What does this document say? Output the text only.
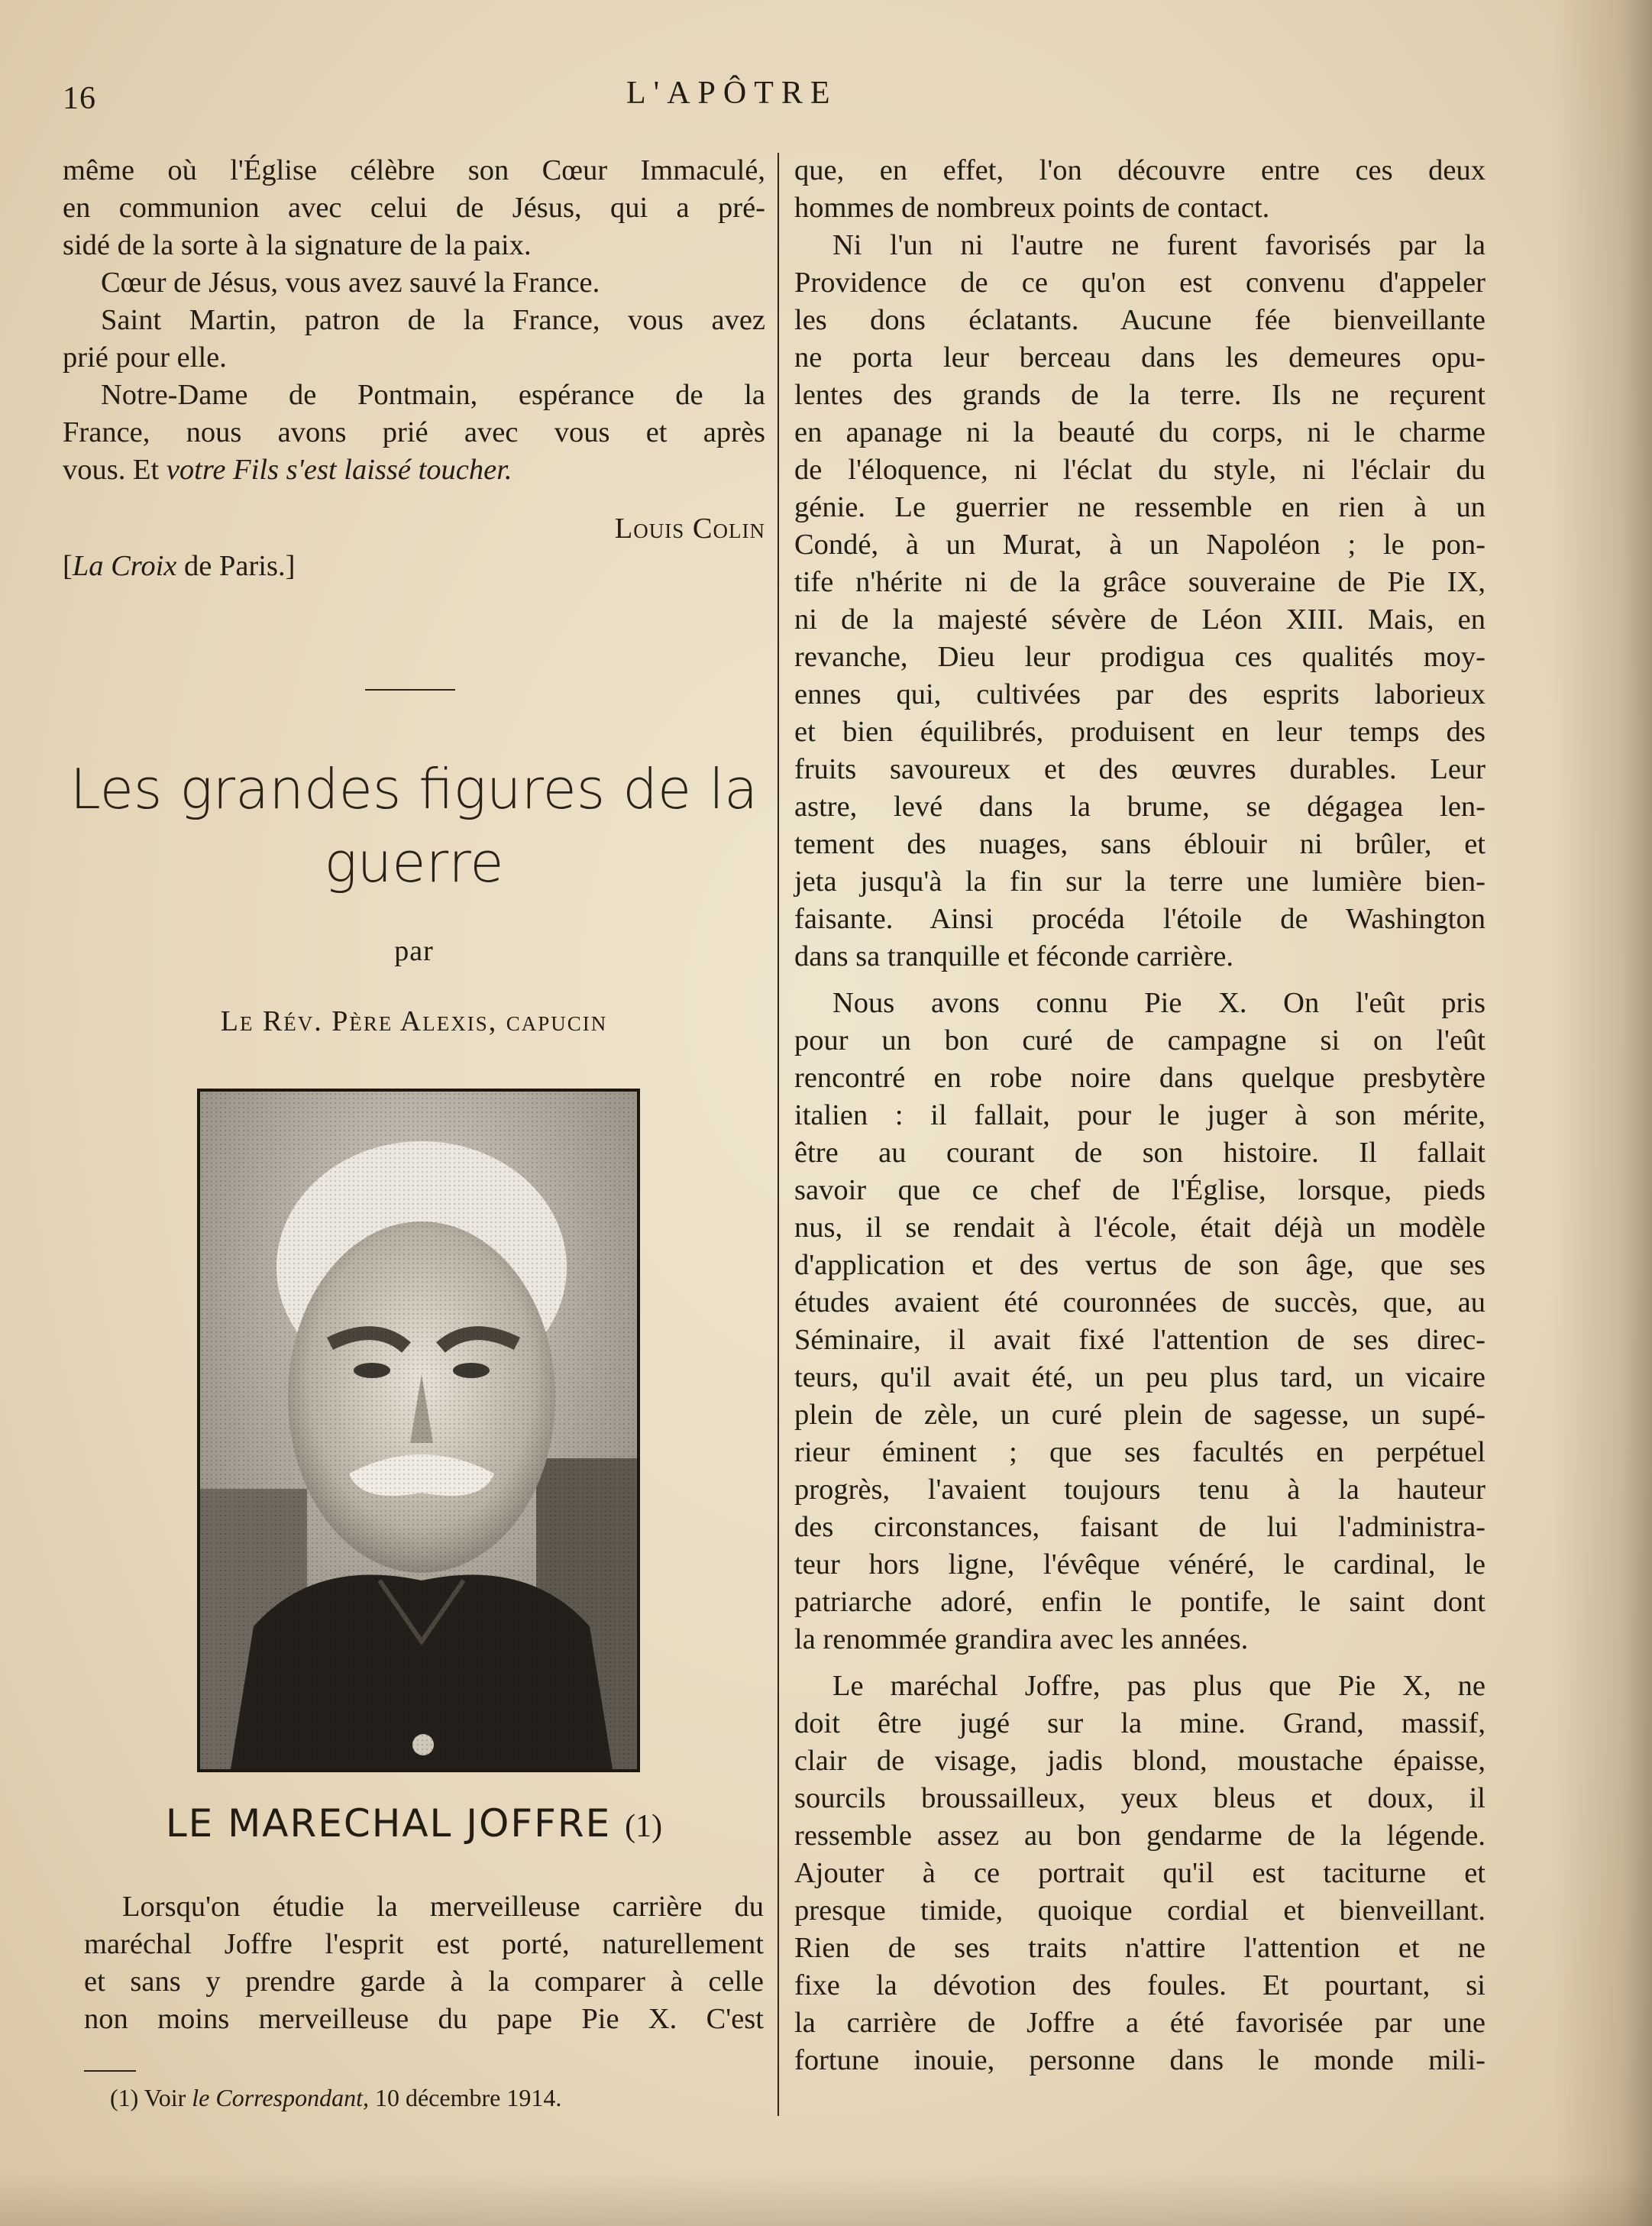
16	L'APÔTRE
même où l'Église célèbre son Cœur Immaculé,
en communion avec celui de Jésus, qui a pré-
sidé de la sorte à la signature de la paix.
Cœur de Jésus, vous avez sauvé la France.
Saint Martin, patron de la France, vous avez
prié pour elle.
Notre-Dame de Pontmain, espérance de la
France, nous avons prié avec vous et après
vous. Et votre Fils s'est laissé toucher.
Louis Colin
[La Croix de Paris.]
Les grandes figures de la
guerre
par
Le Rév. Père Alexis, capucin
LE MARECHAL JOFFRE (1)
Lorsqu'on étudie la merveilleuse carrière du
maréchal Joffre l'esprit est porté, naturellement
et sans y prendre garde à la comparer à celle
non moins merveilleuse du pape Pie X. C'est
(1) Voir le Correspondant, 10 décembre 1914.
que, en effet, l'on découvre entre ces deux
hommes de nombreux points de contact.
Ni l'un ni l'autre ne furent favorisés par la
Providence de ce qu'on est convenu d'appeler
les dons éclatants. Aucune fée bienveillante
ne porta leur berceau dans les demeures opu-
lentes des grands de la terre. Ils ne reçurent
en apanage ni la beauté du corps, ni le charme
de l'éloquence, ni l'éclat du style, ni l'éclair du
génie. Le guerrier ne ressemble en rien à un
Condé, à un Murat, à un Napoléon ; le pon-
tife n'hérite ni de la grâce souveraine de Pie IX,
ni de la majesté sévère de Léon XIII. Mais, en
revanche, Dieu leur prodigua ces qualités moy-
ennes qui, cultivées par des esprits laborieux
et bien équilibrés, produisent en leur temps des
fruits savoureux et des œuvres durables. Leur
astre, levé dans la brume, se dégagea len-
tement des nuages, sans éblouir ni brûler, et
jeta jusqu'à la fin sur la terre une lumière bien-
faisante. Ainsi procéda l'étoile de Washington
dans sa tranquille et féconde carrière.
Nous avons connu Pie X. On l'eût pris
pour un bon curé de campagne si on l'eût
rencontré en robe noire dans quelque presbytère
italien : il fallait, pour le juger à son mérite,
être au courant de son histoire. Il fallait
savoir que ce chef de l'Église, lorsque, pieds
nus, il se rendait à l'école, était déjà un modèle
d'application et des vertus de son âge, que ses
études avaient été couronnées de succès, que, au
Séminaire, il avait fixé l'attention de ses direc-
teurs, qu'il avait été, un peu plus tard, un vicaire
plein de zèle, un curé plein de sagesse, un supé-
rieur éminent ; que ses facultés en perpétuel
progrès, l'avaient toujours tenu à la hauteur
des circonstances, faisant de lui l'administra-
teur hors ligne, l'évêque vénéré, le cardinal, le
patriarche adoré, enfin le pontife, le saint dont
la renommée grandira avec les années.
Le maréchal Joffre, pas plus que Pie X, ne
doit être jugé sur la mine. Grand, massif,
clair de visage, jadis blond, moustache épaisse,
sourcils broussailleux, yeux bleus et doux, il
ressemble assez au bon gendarme de la légende.
Ajouter à ce portrait qu'il est taciturne et
presque timide, quoique cordial et bienveillant.
Rien de ses traits n'attire l'attention et ne
fixe la dévotion des foules. Et pourtant, si
la carrière de Joffre a été favorisée par une
fortune inouie, personne dans le monde mili-
